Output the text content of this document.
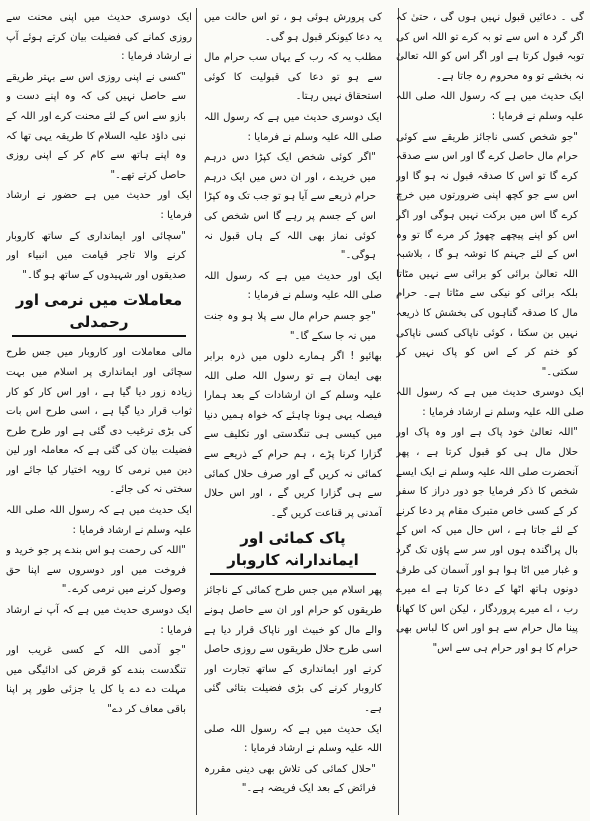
گی ۔ دعائیں قبول نہیں ہوں گی ، حتیٰ کہ اگر گرد ہ اس سے تو بہ کرے تو اللہ اس کی توبہ قبول کرتا ہے اور اگر اس کو اللہ تعالیٰ نہ بخشے تو وہ محروم رہ جاتا ہے۔

ایک حدیث میں ہے کہ رسول اللہ صلی اللہ علیہ وسلم نے فرمایا :

"جو شخص کسی ناجائز طریقے سے کوئی حرام مال حاصل کرے گا اور اس سے صدقہ کرے گا تو اس کا صدقہ قبول نہ ہو گا اور اس سے جو کچھ اپنی ضرورتوں میں خرچ کرے گا اس میں برکت نہیں ہوگی اور اگر اس کو اپنے پیچھے چھوڑ کر مرے گا تو وہ اس کے لئے جہنم کا توشہ ہو گا ، بلاشبہ اللہ تعالیٰ برائی کو برائی سے نہیں مٹاتا بلکہ برائی کو نیکی سے مٹاتا ہے۔ حرام مال کا صدقہ گناہوں کی بخشش کا ذریعہ نہیں بن سکتا ، کوئی ناپاکی کسی ناپاکی کو ختم کر کے اس کو پاک نہیں کر سکتی۔"

ایک دوسری حدیث میں ہے کہ رسول اللہ صلی اللہ علیہ وسلم نے ارشاد فرمایا :

"اللہ تعالیٰ خود پاک ہے اور وہ پاک اور حلال مال ہی کو قبول کرتا ہے ، پھر آنحضرت صلی اللہ علیہ وسلم نے ایک ایسے شخص کا ذکر فرمایا جو دور دراز کا سفر کر کے کسی خاص متبرک مقام پر دعا کرنے کے لئے جاتا ہے ، اس حال میں کہ اس کے بال پراگندہ ہوں اور سر سے پاؤں تک گرد و غبار میں اٹا ہوا ہو اور آسمان کی طرف دونوں ہاتھ اٹھا کے دعا کرتا ہے اے میرے رب ، اے میرے پروردگار ، لیکن اس کا کھانا پینا مال حرام سے ہو اور اس کا لباس بھی حرام کا ہو اور حرام ہی سے اس"

کی پرورش ہوئی ہو ، تو اس حالت میں یہ دعا کیونکر قبول ہو گی۔

مطلب یہ کہ رب کے یہاں سب حرام مال سے ہو تو دعا کی قبولیت کا کوئی استحقاق نہیں رہتا۔

ایک دوسری حدیث میں ہے کہ رسول اللہ صلی اللہ علیہ وسلم نے فرمایا :

"اگر کوئی شخص ایک کپڑا دس درہم میں خریدے ، اور ان دس میں ایک درہم حرام ذریعے سے آیا ہو تو جب تک وہ کپڑا اس کے جسم پر رہے گا اس شخص کی کوئی نماز بھی اللہ کے ہاں قبول نہ ہوگی۔"

ایک اور حدیث میں ہے کہ رسول اللہ صلی اللہ علیہ وسلم نے فرمایا :

"جو جسم حرام مال سے پلا ہو وہ جنت میں نہ جا سکے گا۔"

بھائیو ! اگر ہمارے دلوں میں ذرہ برابر بھی ایمان ہے تو رسول اللہ صلی اللہ علیہ وسلم کے ان ارشادات کے بعد ہمارا فیصلہ یہی ہونا چاہئے کہ خواہ ہمیں دنیا میں کیسی ہی تنگدستی اور تکلیف سے گزارا کرنا پڑے ، ہم حرام کے ذریعے سے کمائی نہ کریں گے اور صرف حلال کمائی سے ہی گزارا کریں گے ، اور اس حلال آمدنی پر قناعت کریں گے۔

پاک کمائی اور ایماندارانہ کاروبار

پھر اسلام میں جس طرح کمائی کے ناجائز طریقوں کو حرام اور ان سے حاصل ہونے والے مال کو خبیث اور ناپاک قرار دیا ہے اسی طرح حلال طریقوں سے روزی حاصل کرنے اور ایمانداری کے ساتھ تجارت اور کاروبار کرنے کی بڑی فضیلت بتائی گئی ہے۔

ایک حدیث میں ہے کہ رسول اللہ صلی اللہ علیہ وسلم نے ارشاد فرمایا :

"حلال کمائی کی تلاش بھی دینی مقررہ فرائض کے بعد ایک فریضہ ہے۔"

ایک دوسری حدیث میں اپنی محنت سے روزی کمانے کی فضیلت بیان کرتے ہوئے آپ نے ارشاد فرمایا :

"کسی نے اپنی روزی اس سے بہتر طریقے سے حاصل نہیں کی کہ وہ اپنے دست و بازو سے اس کے لئے محنت کرے اور اللہ کے نبی داؤد علیہ السلام کا طریقہ یہی تھا کہ وہ اپنے ہاتھ سے کام کر کے اپنی روزی حاصل کرتے تھے۔"

ایک اور حدیث میں ہے حضور نے ارشاد فرمایا :

"سچائی اور ایمانداری کے ساتھ کاروبار کرنے والا تاجر قیامت میں انبیاء اور صدیقوں اور شہیدوں کے ساتھ ہو گا۔"

معاملات میں نرمی اور رحمدلی

مالی معاملات اور کاروبار میں جس طرح سچائی اور ایمانداری پر اسلام میں بہت زیادہ زور دیا گیا ہے ، اور اس کار کو کار ثواب قرار دیا گیا ہے ، اسی طرح اس بات کی بڑی ترغیب دی گئی ہے اور طرح طرح فضیلت بیان کی گئی ہے کہ معاملہ اور لین دین میں نرمی کا رویہ اختیار کیا جائے اور سختی نہ کی جائے۔

ایک حدیث میں ہے کہ رسول اللہ صلی اللہ علیہ وسلم نے ارشاد فرمایا :

"اللہ کی رحمت ہو اس بندے پر جو خرید و فروخت میں اور دوسروں سے اپنا حق وصول کرنے میں نرمی کرے۔"

ایک دوسری حدیث میں ہے کہ آپ نے ارشاد فرمایا :

"جو آدمی اللہ کے کسی غریب اور تنگدست بندے کو قرض کی ادائیگی میں مہلت دے دے یا کل یا جزئی طور پر اپنا باقی معاف کر دے"
